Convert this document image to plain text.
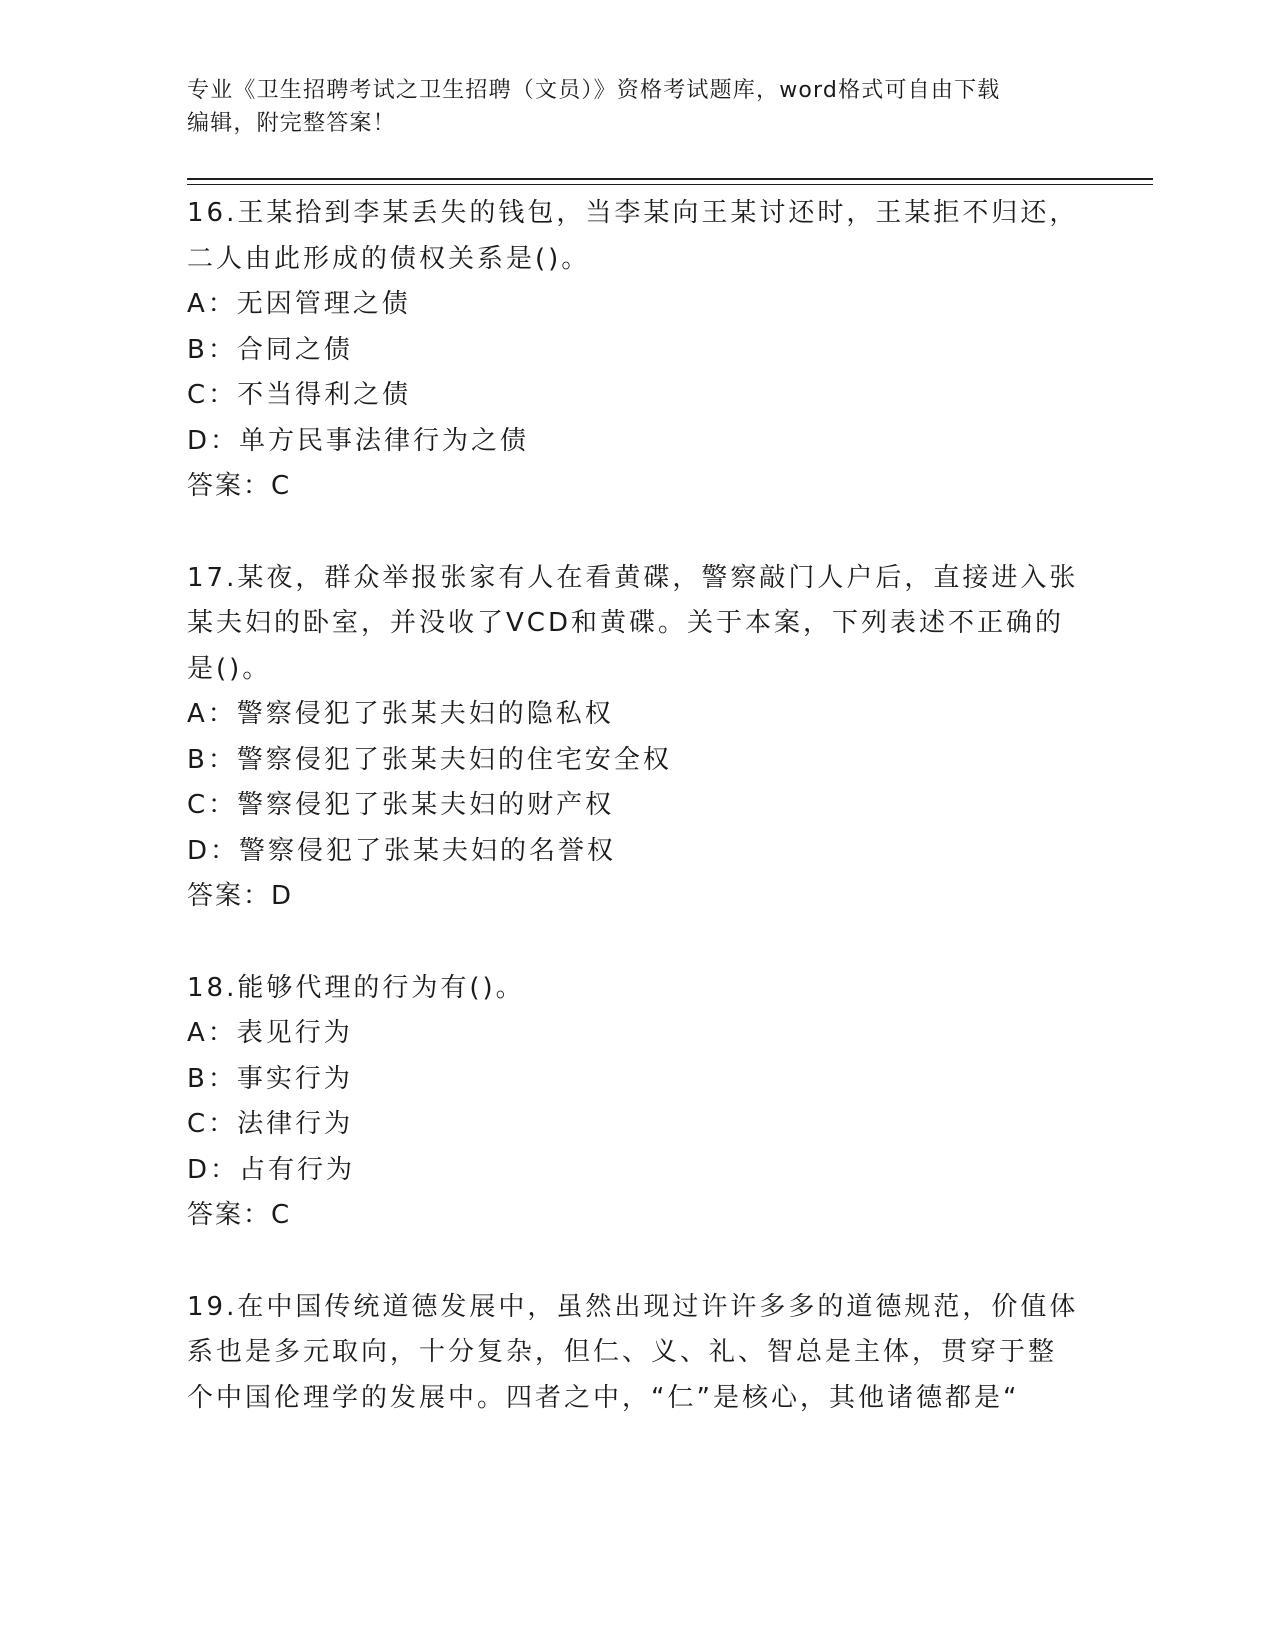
专业《卫生招聘考试之卫生招聘（文员）》资格考试题库，word格式可自由下载
编辑，附完整答案！
16.王某拾到李某丢失的钱包，当李某向王某讨还时，王某拒不归还，
二人由此形成的债权关系是()。
A：无因管理之债
B：合同之债
C：不当得利之债
D：单方民事法律行为之债
答案：C
17.某夜，群众举报张家有人在看黄碟，警察敲门人户后，直接进入张
某夫妇的卧室，并没收了VCD和黄碟。关于本案，下列表述不正确的
是()。
A：警察侵犯了张某夫妇的隐私权
B：警察侵犯了张某夫妇的住宅安全权
C：警察侵犯了张某夫妇的财产权
D：警察侵犯了张某夫妇的名誉权
答案：D
18.能够代理的行为有()。
A：表见行为
B：事实行为
C：法律行为
D：占有行为
答案：C
19.在中国传统道德发展中，虽然出现过许许多多的道德规范，价值体
系也是多元取向，十分复杂，但仁、义、礼、智总是主体，贯穿于整
个中国伦理学的发展中。四者之中，“仁”是核心，其他诸德都是“
